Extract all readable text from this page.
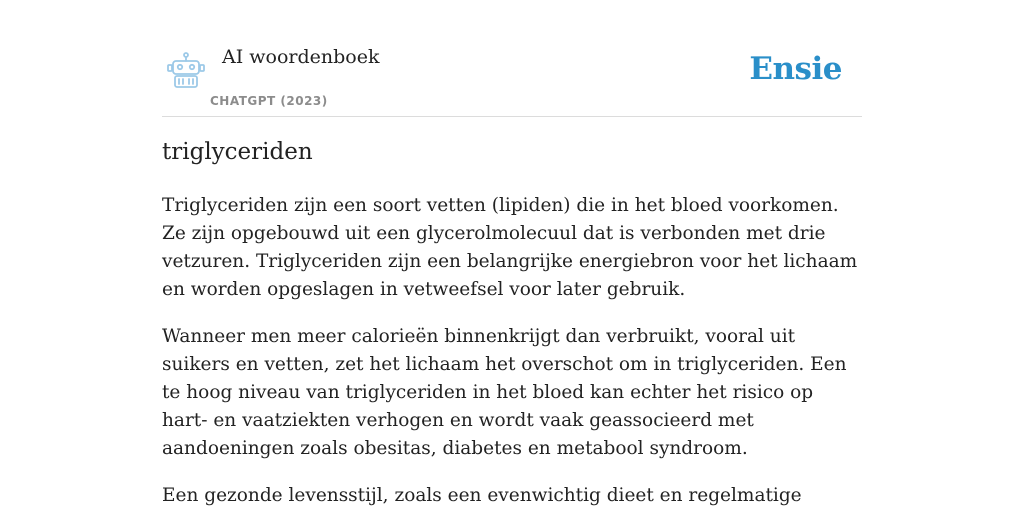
AI woordenboek
CHATGPT (2023)
Ensie
triglyceriden

Triglyceriden zijn een soort vetten (lipiden) die in het bloed voorkomen. Ze zijn opgebouwd uit een glycerolmolecuul dat is verbonden met drie vetzuren. Triglyceriden zijn een belangrijke energiebron voor het lichaam en worden opgeslagen in vetweefsel voor later gebruik.

Wanneer men meer calorieën binnenkrijgt dan verbruikt, vooral uit suikers en vetten, zet het lichaam het overschot om in triglyceriden. Een te hoog niveau van triglyceriden in het bloed kan echter het risico op hart- en vaatziekten verhogen en wordt vaak geassocieerd met aandoeningen zoals obesitas, diabetes en metabool syndroom.

Een gezonde levensstijl, zoals een evenwichtig dieet en regelmatige
